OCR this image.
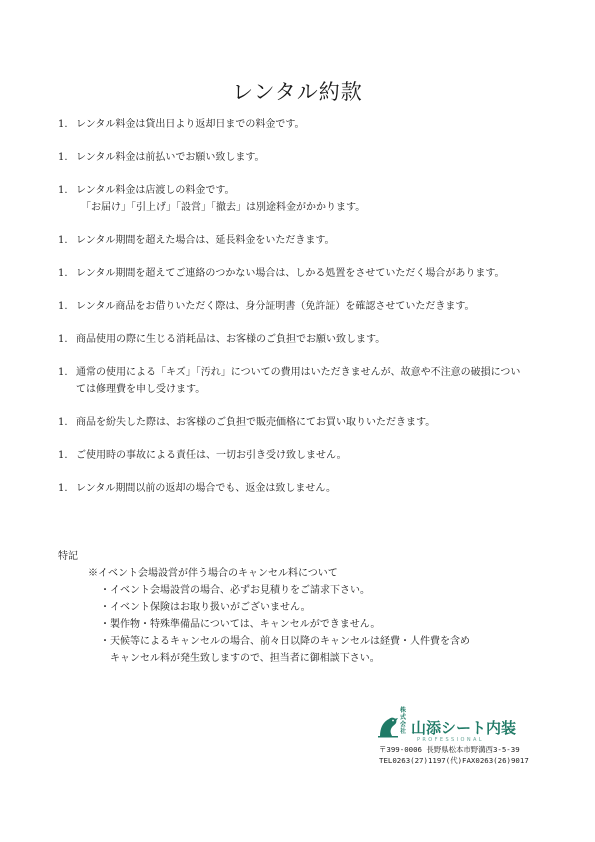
レンタル約款
1. レンタル料金は貸出日より返却日までの料金です。
1. レンタル料金は前払いでお願い致します。
1. レンタル料金は店渡しの料金です。
「お届け」「引上げ」「設営」「撤去」は別途料金がかかります。
1. レンタル期間を超えた場合は、延長料金をいただきます。
1. レンタル期間を超えてご連絡のつかない場合は、しかる処置をさせていただく場合があります。
1. レンタル商品をお借りいただく際は、身分証明書（免許証）を確認させていただきます。
1. 商品使用の際に生じる消耗品は、お客様のご負担でお願い致します。
1. 通常の使用による「キズ」「汚れ」についての費用はいただきませんが、故意や不注意の破損につい
ては修理費を申し受けます。
1. 商品を紛失した際は、お客様のご負担で販売価格にてお買い取りいただきます。
1. ご使用時の事故による責任は、一切お引き受け致しません。
1. レンタル期間以前の返却の場合でも、返金は致しません。
特記
※イベント会場設営が伴う場合のキャンセル料について
・イベント会場設営の場合、必ずお見積りをご請求下さい。
・イベント保険はお取り扱いがございません。
・製作物・特殊準備品については、キャンセルができません。
・天候等によるキャンセルの場合、前々日以降のキャンセルは経費・人件費を含め
キャンセル料が発生致しますので、担当者に御相談下さい。
株式会社 山添シート内装
PROFESSIONAL
〒399-0006 長野県松本市野溝西3-5-39
TEL0263(27)1197(代)FAX0263(26)9017
